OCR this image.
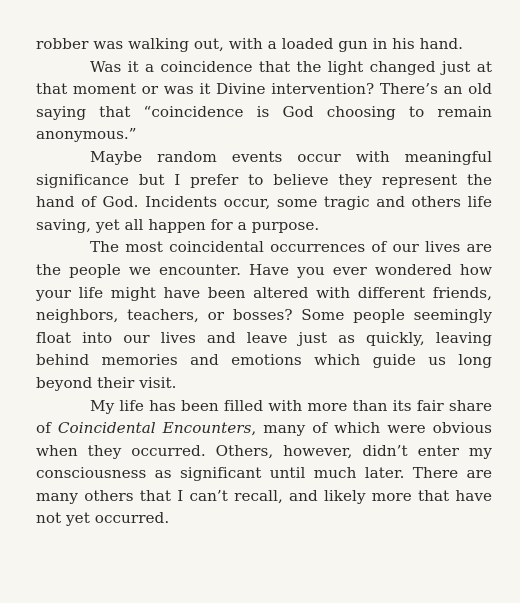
robber was walking out, with a loaded gun in his hand.

Was it a coincidence that the light changed just at that moment or was it Divine intervention? There’s an old saying that “coincidence is God choosing to remain anonymous.”

Maybe random events occur with meaningful significance but I prefer to believe they represent the hand of God. Incidents occur, some tragic and others life saving, yet all happen for a purpose.

The most coincidental occurrences of our lives are the people we encounter. Have you ever wondered how your life might have been altered with different friends, neighbors, teachers, or bosses? Some people seemingly float into our lives and leave just as quickly, leaving behind memories and emotions which guide us long beyond their visit.

My life has been filled with more than its fair share of Coincidental Encounters, many of which were obvious when they occurred. Others, however, didn’t enter my consciousness as significant until much later. There are many others that I can’t recall, and likely more that have not yet occurred.
